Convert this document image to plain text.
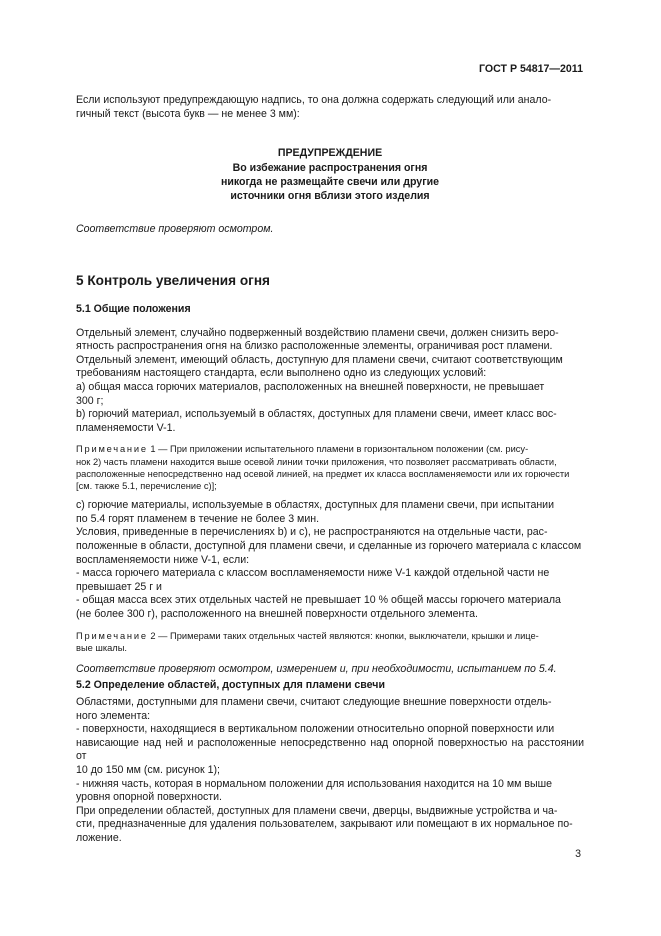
ГОСТ Р 54817—2011

Если используют предупреждающую надпись, то она должна содержать следующий или анало-
гичный текст (высота букв — не менее 3 мм):

ПРЕДУПРЕЖДЕНИЕ
Во избежание распространения огня
никогда не размещайте свечи или другие
источники огня вблизи этого изделия

Соответствие проверяют осмотром.

5 Контроль увеличения огня
5.1 Общие положения

Отдельный элемент, случайно подверженный воздействию пламени свечи, должен снизить веро-
ятность распространения огня на близко расположенные элементы, ограничивая рост пламени.
Отдельный элемент, имеющий область, доступную для пламени свечи, считают соответствующим
требованиям настоящего стандарта, если выполнено одно из следующих условий:
а) общая масса горючих материалов, расположенных на внешней поверхности, не превышает
300 г;
b) горючий материал, используемый в областях, доступных для пламени свечи, имеет класс вос-
пламеняемости V-1.

Примечание 1 — При приложении испытательного пламени в горизонтальном положении (см. рису-
нок 2) часть пламени находится выше осевой линии точки приложения, что позволяет рассматривать области,
расположенные непосредственно над осевой линией, на предмет их класса воспламеняемости или их горючести
[см. также 5.1, перечисление с)];

с) горючие материалы, используемые в областях, доступных для пламени свечи, при испытании
по 5.4 горят пламенем в течение не более 3 мин.
Условия, приведенные в перечислениях b) и с), не распространяются на отдельные части, рас-
положенные в области, доступной для пламени свечи, и сделанные из горючего материала с классом
воспламеняемости ниже V-1, если:
- масса горючего материала с классом воспламеняемости ниже V-1 каждой отдельной части не
превышает 25 г и
- общая масса всех этих отдельных частей не превышает 10 % общей массы горючего материала
(не более 300 г), расположенного на внешней поверхности отдельного элемента.

Примечание 2 — Примерами таких отдельных частей являются: кнопки, выключатели, крышки и лице-
вые шкалы.

Соответствие проверяют осмотром, измерением и, при необходимости, испытанием по 5.4.

5.2 Определение областей, доступных для пламени свечи

Областями, доступными для пламени свечи, считают следующие внешние поверхности отдель-
ного элемента:
- поверхности, находящиеся в вертикальном положении относительно опорной поверхности или
нависающие над ней и расположенные непосредственно над опорной поверхностью на расстоянии от
10 до 150 мм (см. рисунок 1);
- нижняя часть, которая в нормальном положении для использования находится на 10 мм выше
уровня опорной поверхности.
При определении областей, доступных для пламени свечи, дверцы, выдвижные устройства и ча-
сти, предназначенные для удаления пользователем, закрывают или помещают в их нормальное по-
ложение.

3
